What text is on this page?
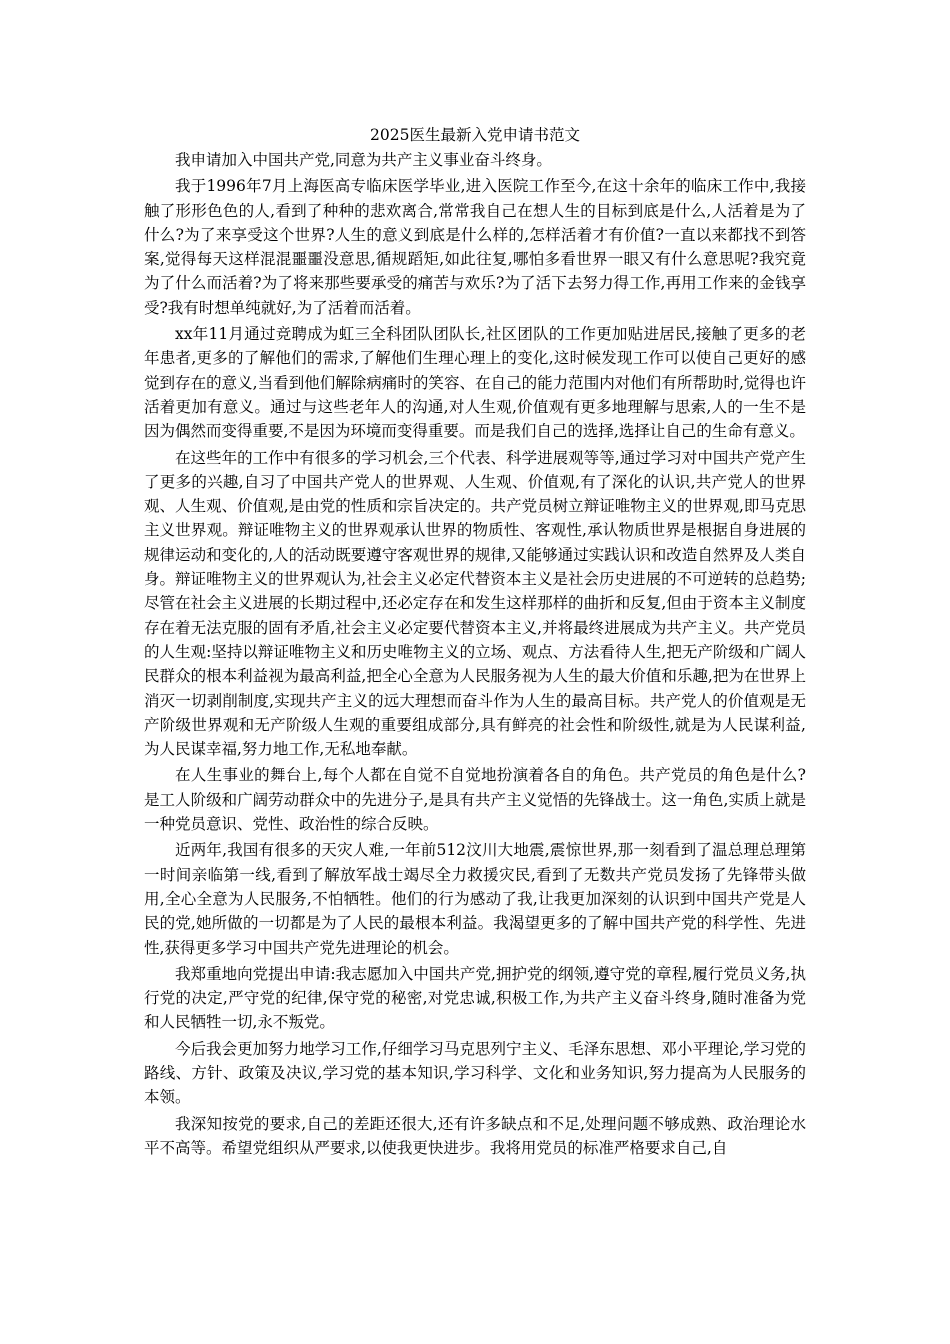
2025医生最新入党申请书范文

我申请加入中国共产党,同意为共产主义事业奋斗终身。

我于1996年7月上海医高专临床医学毕业,进入医院工作至今,在这十余年的临床工作中,我接触了形形色色的人,看到了种种的悲欢离合,常常我自己在想人生的目标到底是什么,人活着是为了什么?为了来享受这个世界?人生的意义到底是什么样的,怎样活着才有价值?一直以来都找不到答案,觉得每天这样混混噩噩没意思,循规蹈矩,如此往复,哪怕多看世界一眼又有什么意思呢?我究竟为了什么而活着?为了将来那些要承受的痛苦与欢乐?为了活下去努力得工作,再用工作来的金钱享受?我有时想单纯就好,为了活着而活着。

xx年11月通过竞聘成为虹三全科团队团队长,社区团队的工作更加贴进居民,接触了更多的老年患者,更多的了解他们的需求,了解他们生理心理上的变化,这时候发现工作可以使自己更好的感觉到存在的意义,当看到他们解除病痛时的笑容、在自己的能力范围内对他们有所帮助时,觉得也许活着更加有意义。通过与这些老年人的沟通,对人生观,价值观有更多地理解与思索,人的一生不是因为偶然而变得重要,不是因为环境而变得重要。而是我们自己的选择,选择让自己的生命有意义。

在这些年的工作中有很多的学习机会,三个代表、科学进展观等等,通过学习对中国共产党产生了更多的兴趣,自习了中国共产党人的世界观、人生观、价值观,有了深化的认识,共产党人的世界观、人生观、价值观,是由党的性质和宗旨决定的。共产党员树立辩证唯物主义的世界观,即马克思主义世界观。辩证唯物主义的世界观承认世界的物质性、客观性,承认物质世界是根据自身进展的规律运动和变化的,人的活动既要遵守客观世界的规律,又能够通过实践认识和改造自然界及人类自身。辩证唯物主义的世界观认为,社会主义必定代替资本主义是社会历史进展的不可逆转的总趋势;尽管在社会主义进展的长期过程中,还必定存在和发生这样那样的曲折和反复,但由于资本主义制度存在着无法克服的固有矛盾,社会主义必定要代替资本主义,并将最终进展成为共产主义。共产党员的人生观:坚持以辩证唯物主义和历史唯物主义的立场、观点、方法看待人生,把无产阶级和广阔人民群众的根本利益视为最高利益,把全心全意为人民服务视为人生的最大价值和乐趣,把为在世界上消灭一切剥削制度,实现共产主义的远大理想而奋斗作为人生的最高目标。共产党人的价值观是无产阶级世界观和无产阶级人生观的重要组成部分,具有鲜亮的社会性和阶级性,就是为人民谋利益,为人民谋幸福,努力地工作,无私地奉献。

在人生事业的舞台上,每个人都在自觉不自觉地扮演着各自的角色。共产党员的角色是什么?是工人阶级和广阔劳动群众中的先进分子,是具有共产主义觉悟的先锋战士。这一角色,实质上就是一种党员意识、党性、政治性的综合反映。

近两年,我国有很多的天灾人难,一年前512汶川大地震,震惊世界,那一刻看到了温总理总理第一时间亲临第一线,看到了解放军战士竭尽全力救援灾民,看到了无数共产党员发扬了先锋带头做用,全心全意为人民服务,不怕牺牲。他们的行为感动了我,让我更加深刻的认识到中国共产党是人民的党,她所做的一切都是为了人民的最根本利益。我渴望更多的了解中国共产党的科学性、先进性,获得更多学习中国共产党先进理论的机会。

我郑重地向党提出申请:我志愿加入中国共产党,拥护党的纲领,遵守党的章程,履行党员义务,执行党的决定,严守党的纪律,保守党的秘密,对党忠诚,积极工作,为共产主义奋斗终身,随时准备为党和人民牺牲一切,永不叛党。

今后我会更加努力地学习工作,仔细学习马克思列宁主义、毛泽东思想、邓小平理论,学习党的路线、方针、政策及决议,学习党的基本知识,学习科学、文化和业务知识,努力提高为人民服务的本领。

我深知按党的要求,自己的差距还很大,还有许多缺点和不足,处理问题不够成熟、政治理论水平不高等。希望党组织从严要求,以使我更快进步。我将用党员的标准严格要求自己,自
